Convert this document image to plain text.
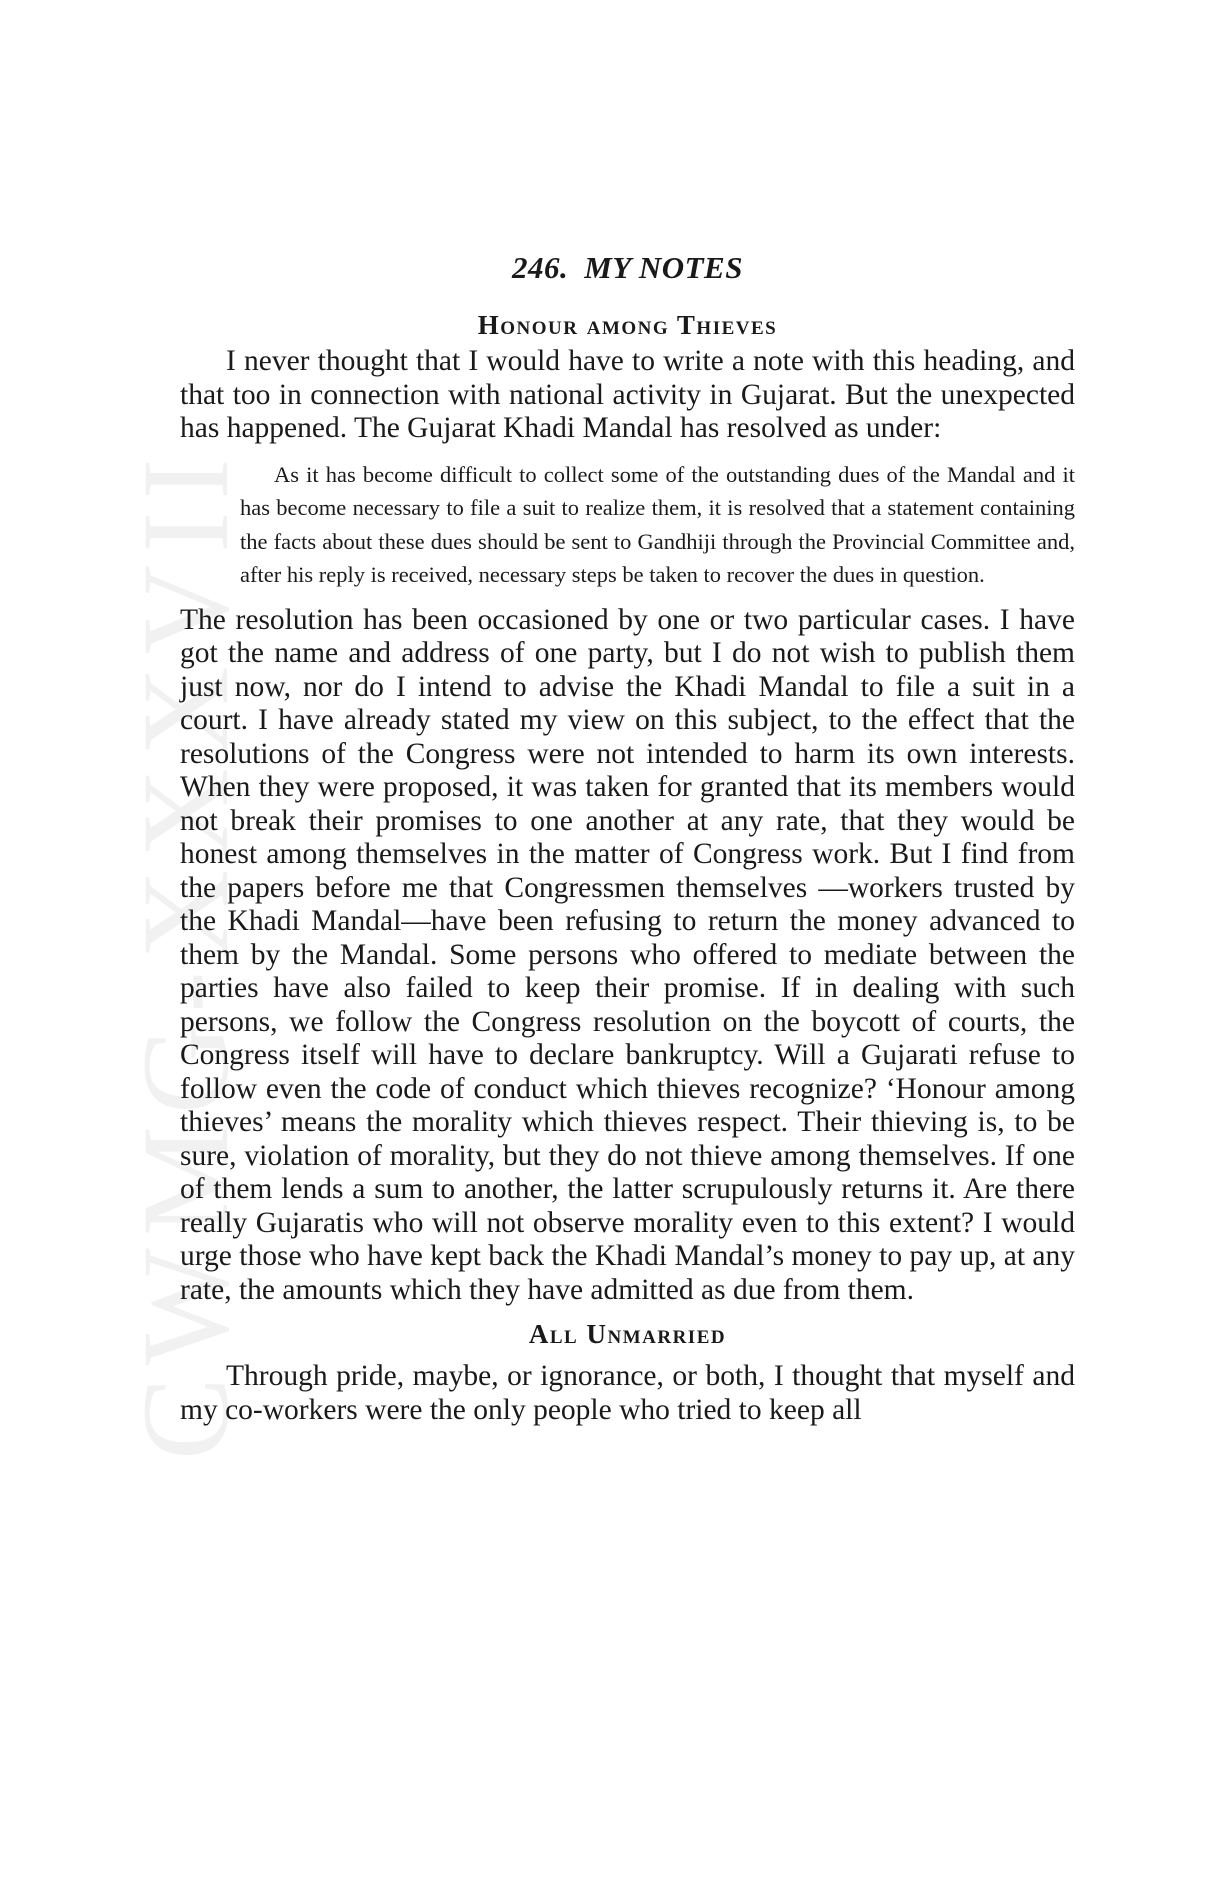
CWMG-XXXVII
246. MY NOTES
Honour among Thieves

I never thought that I would have to write a note with this heading, and that too in connection with national activity in Gujarat. But the unexpected has happened. The Gujarat Khadi Mandal has resolved as under:

As it has become difficult to collect some of the outstanding dues of the Mandal and it has become necessary to file a suit to realize them, it is resolved that a statement containing the facts about these dues should be sent to Gandhiji through the Provincial Committee and, after his reply is received, necessary steps be taken to recover the dues in question.

The resolution has been occasioned by one or two particular cases. I have got the name and address of one party, but I do not wish to publish them just now, nor do I intend to advise the Khadi Mandal to file a suit in a court. I have already stated my view on this subject, to the effect that the resolutions of the Congress were not intended to harm its own interests. When they were proposed, it was taken for granted that its members would not break their promises to one another at any rate, that they would be honest among themselves in the matter of Congress work. But I find from the papers before me that Congressmen themselves —workers trusted by the Khadi Mandal—have been refusing to return the money advanced to them by the Mandal. Some persons who offered to mediate between the parties have also failed to keep their promise. If in dealing with such persons, we follow the Congress resolution on the boycott of courts, the Congress itself will have to declare bankruptcy. Will a Gujarati refuse to follow even the code of conduct which thieves recognize? ‘Honour among thieves’ means the morality which thieves respect. Their thieving is, to be sure, violation of morality, but they do not thieve among themselves. If one of them lends a sum to another, the latter scrupulously returns it. Are there really Gujaratis who will not observe morality even to this extent? I would urge those who have kept back the Khadi Mandal’s money to pay up, at any rate, the amounts which they have admitted as due from them.

All Unmarried

Through pride, maybe, or ignorance, or both, I thought that myself and my co-workers were the only people who tried to keep all
